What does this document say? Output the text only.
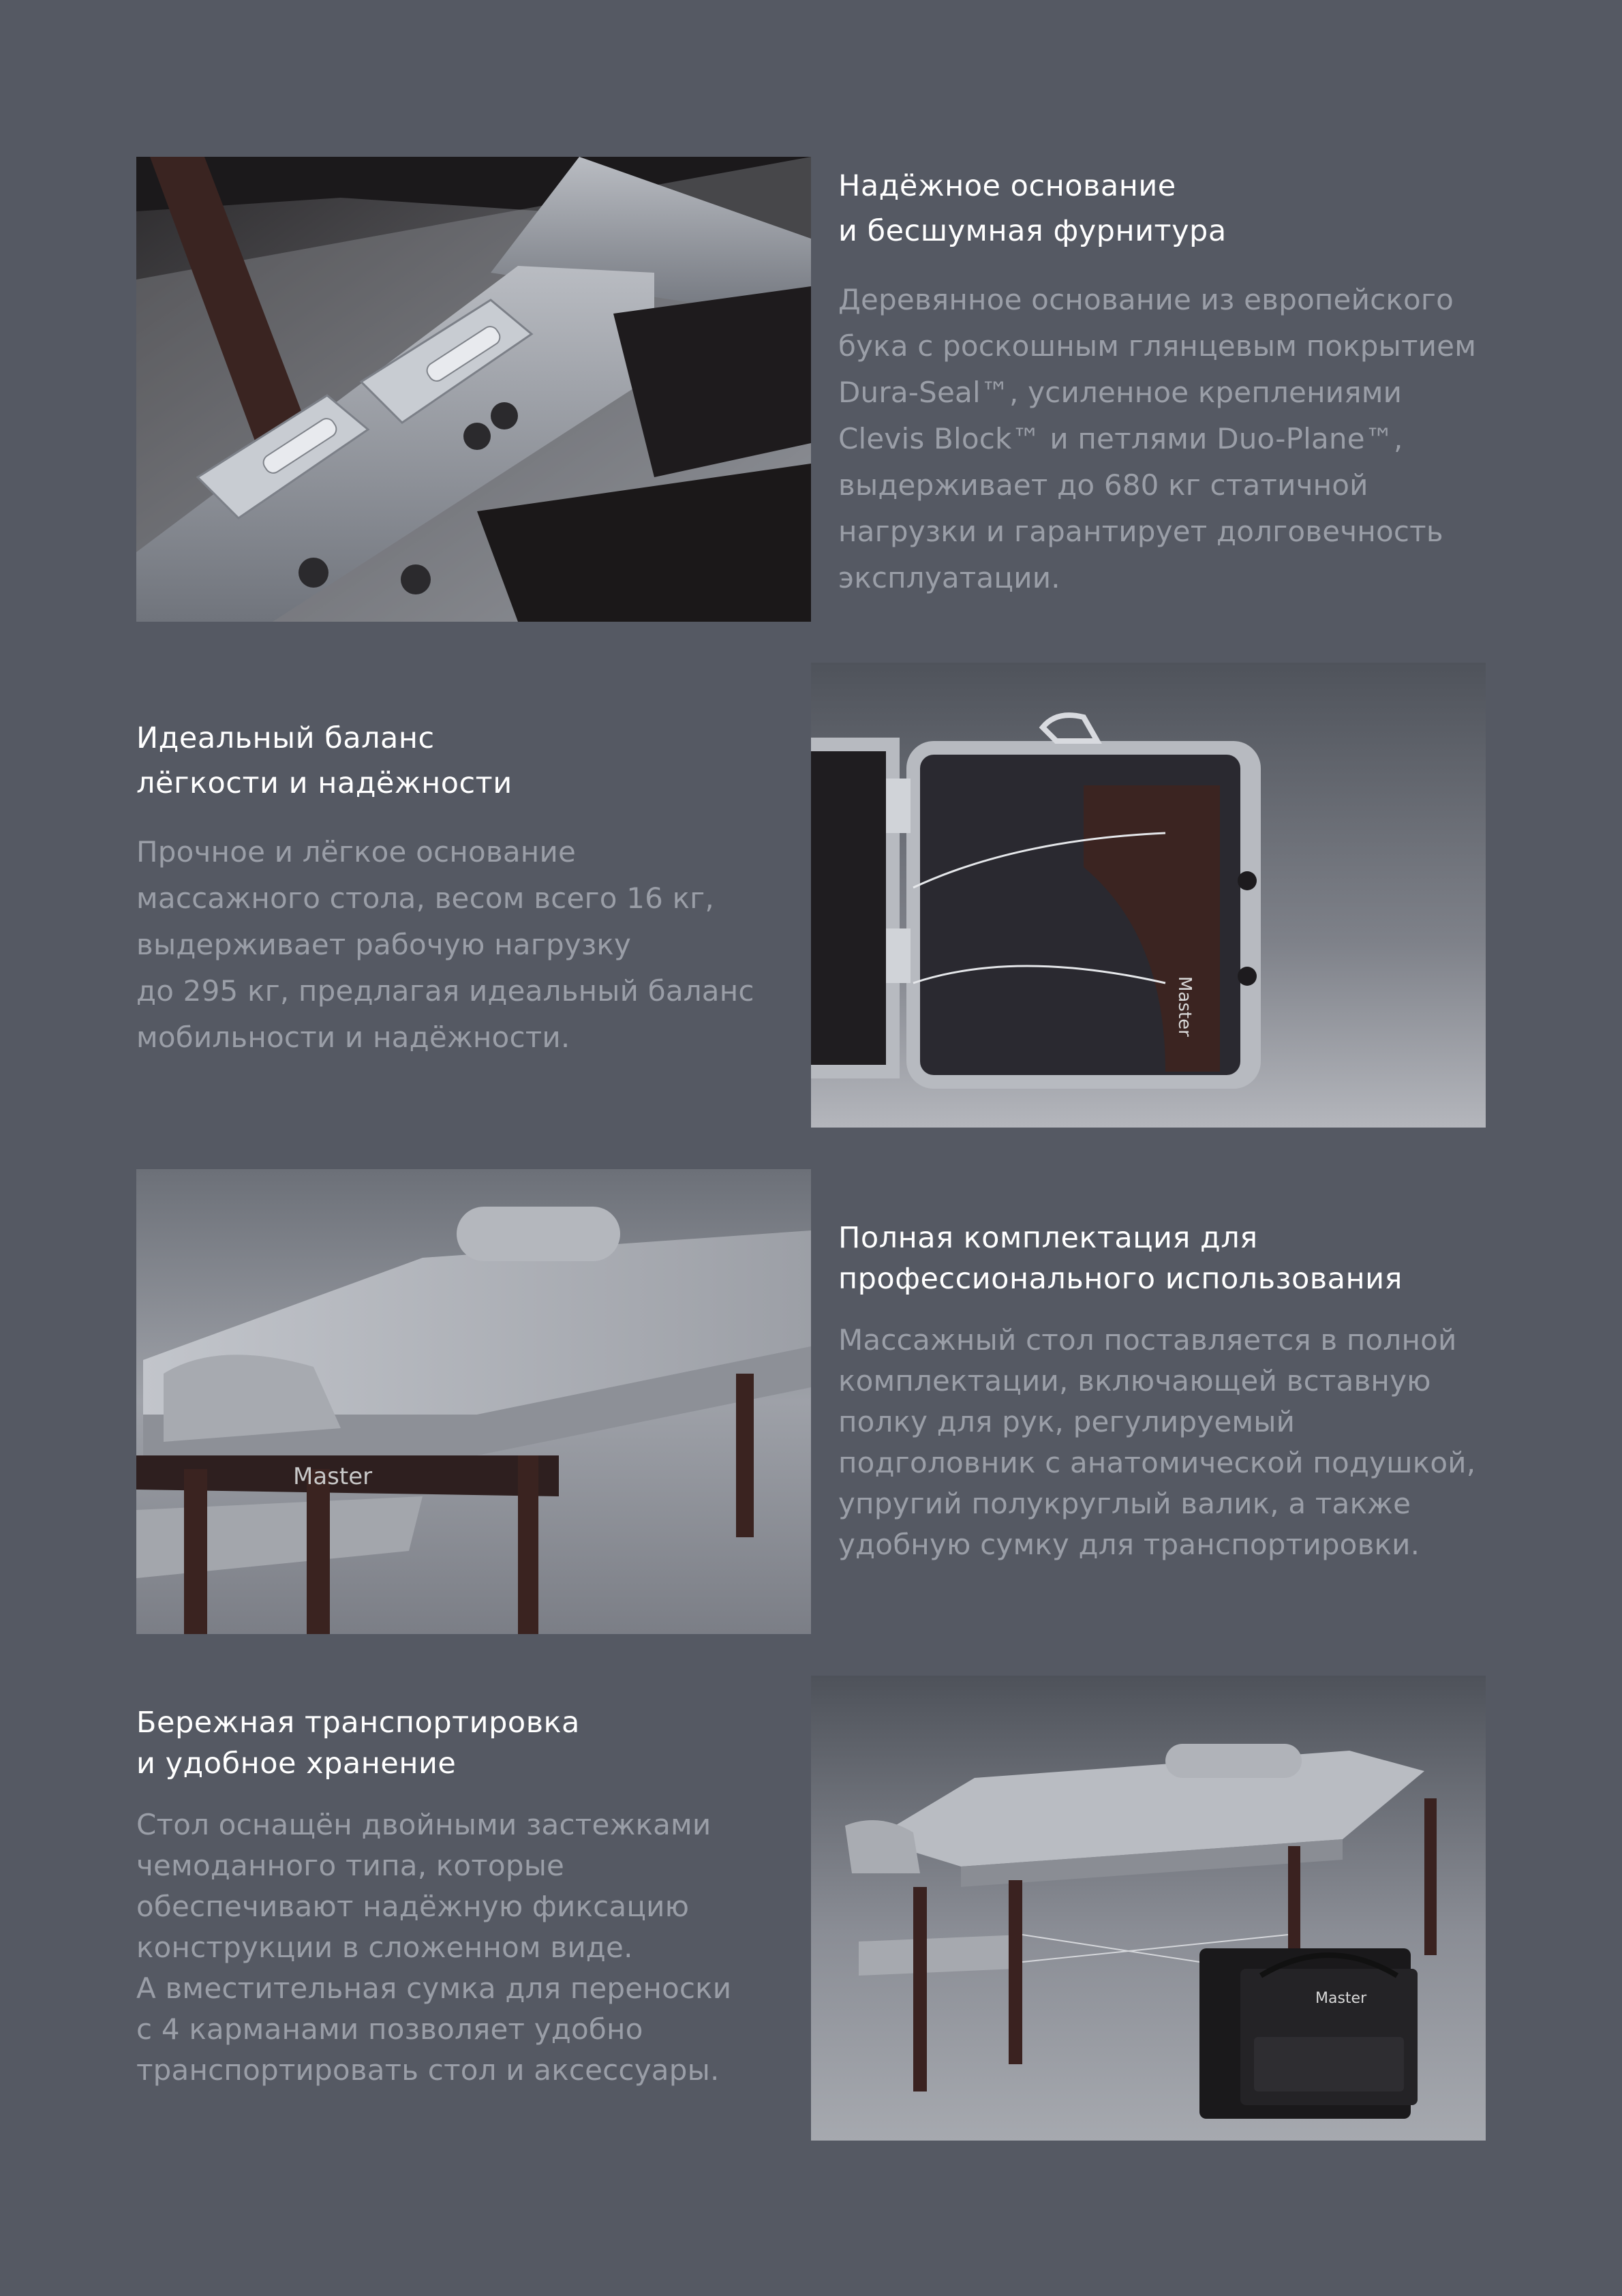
Надёжное основание
и бесшумная фурнитура

Деревянное основание из европейского
бука с роскошным глянцевым покрытием
Dura-Seal™, усиленное креплениями
Clevis Block™ и петлями Duo-Plane™,
выдерживает до 680 кг статичной
нагрузки и гарантирует долговечность
эксплуатации.

Идеальный баланс
лёгкости и надёжности

Прочное и лёгкое основание
массажного стола, весом всего 16 кг,
выдерживает рабочую нагрузку
до 295 кг, предлагая идеальный баланс
мобильности и надёжности.

Master
Master
Полная комплектация для
профессионального использования

Массажный стол поставляется в полной
комплектации, включающей вставную
полку для рук, регулируемый
подголовник с анатомической подушкой,
упругий полукруглый валик, а также
удобную сумку для транспортировки.

Бережная транспортировка
и удобное хранение

Стол оснащён двойными застежками
чемоданного типа, которые
обеспечивают надёжную фиксацию
конструкции в сложенном виде.
А вместительная сумка для переноски
с 4 карманами позволяет удобно
транспортировать стол и аксессуары.

Master
